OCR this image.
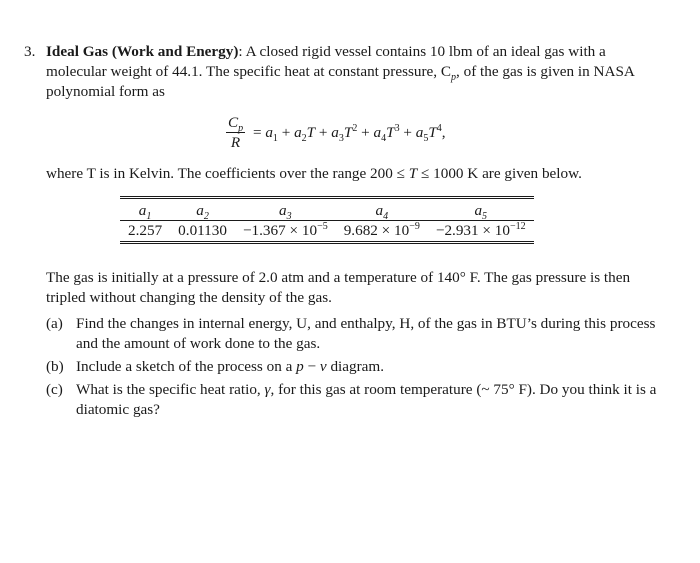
3. Ideal Gas (Work and Energy): A closed rigid vessel contains 10 lbm of an ideal gas with a
molecular weight of 44.1. The specific heat at constant pressure, $C_p$, of the gas is given in NASA polynomial form as
$\frac{C_p}{R} = a_1 + a_2T + a_3T^2 + a_4T^3 + a_5T^4$,
where T is in Kelvin. The coefficients over the range 200 ≤ T ≤ 1000 K are given below.
$a_1$	$a_2$	$a_3$	$a_4$	$a_5$
2.257	0.01130	$-1.367 \times 10^{-5}$	$9.682 \times 10^{-9}$	$-2.931 \times 10^{-12}$
The gas is initially at a pressure of 2.0 atm and a temperature of 140° F. The gas pressure is then tripled without changing the density of the gas.
(a) Find the changes in internal energy, U, and enthalpy, H, of the gas in BTU’s during this process and the amount of work done to the gas.
(b) Include a sketch of the process on a p − v diagram.
(c) What is the specific heat ratio, γ, for this gas at room temperature (~ 75° F). Do you think it is a diatomic gas?
